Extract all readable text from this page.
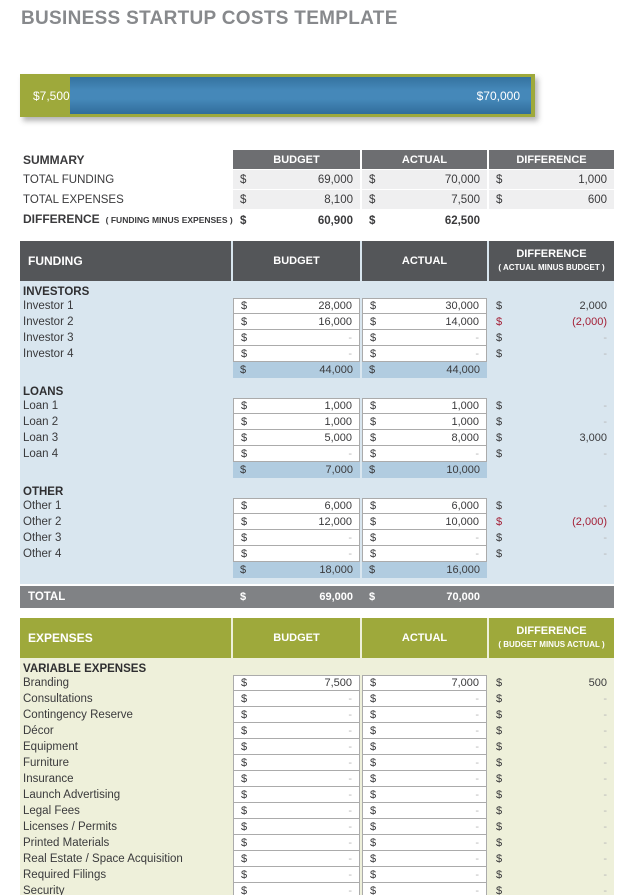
BUSINESS STARTUP COSTS TEMPLATE
$7,500	$70,000
SUMMARY	BUDGET	ACTUAL	DIFFERENCE
TOTAL FUNDING	$	69,000 $	70,000 $	1,000
TOTAL EXPENSES	$	8,100 $	7,500 $	600
DIFFERENCE ( FUNDING MINUS EXPENSES ) $	60,900 $	62,500
FUNDING	BUDGET	ACTUAL
DIFFERENCE
( ACTUAL MINUS BUDGET )
INVESTORS
Investor 1	$	28,000 $	30,000 $	2,000
Investor 2	$	16,000 $	14,000 $	(2,000)
Investor 3	$	- $	- $	-
Investor 4	$	- $	- $	-
$	44,000 $	44,000
LOANS
Loan 1	$	1,000 $	1,000 $	-
Loan 2	$	1,000 $	1,000 $	-
Loan 3	$	5,000 $	8,000 $	3,000
Loan 4	$	- $	- $	-
$	7,000 $	10,000
OTHER
Other 1	$	6,000 $	6,000 $	-
Other 2	$	12,000 $	10,000 $	(2,000)
Other 3	$	- $	- $	-
Other 4	$	- $	- $	-
$	18,000 $	16,000
TOTAL	$	69,000 $	70,000
EXPENSES	BUDGET	ACTUAL
DIFFERENCE
( BUDGET MINUS ACTUAL )
VARIABLE EXPENSES
Branding	$	7,500 $	7,000 $	500
Consultations	$	- $	- $	-
Contingency Reserve	$	- $	- $	-
Décor	$	- $	- $	-
Equipment	$	- $	- $	-
Furniture	$	- $	- $	-
Insurance	$	- $	- $	-
Launch Advertising	$	- $	- $	-
Legal Fees	$	- $	- $	-
Licenses / Permits	$	- $	- $	-
Printed Materials	$	- $	- $	-
Real Estate / Space Acquisition	$	- $	- $	-
Required Filings	$	- $	- $	-
Security	$	- $	- $	-
